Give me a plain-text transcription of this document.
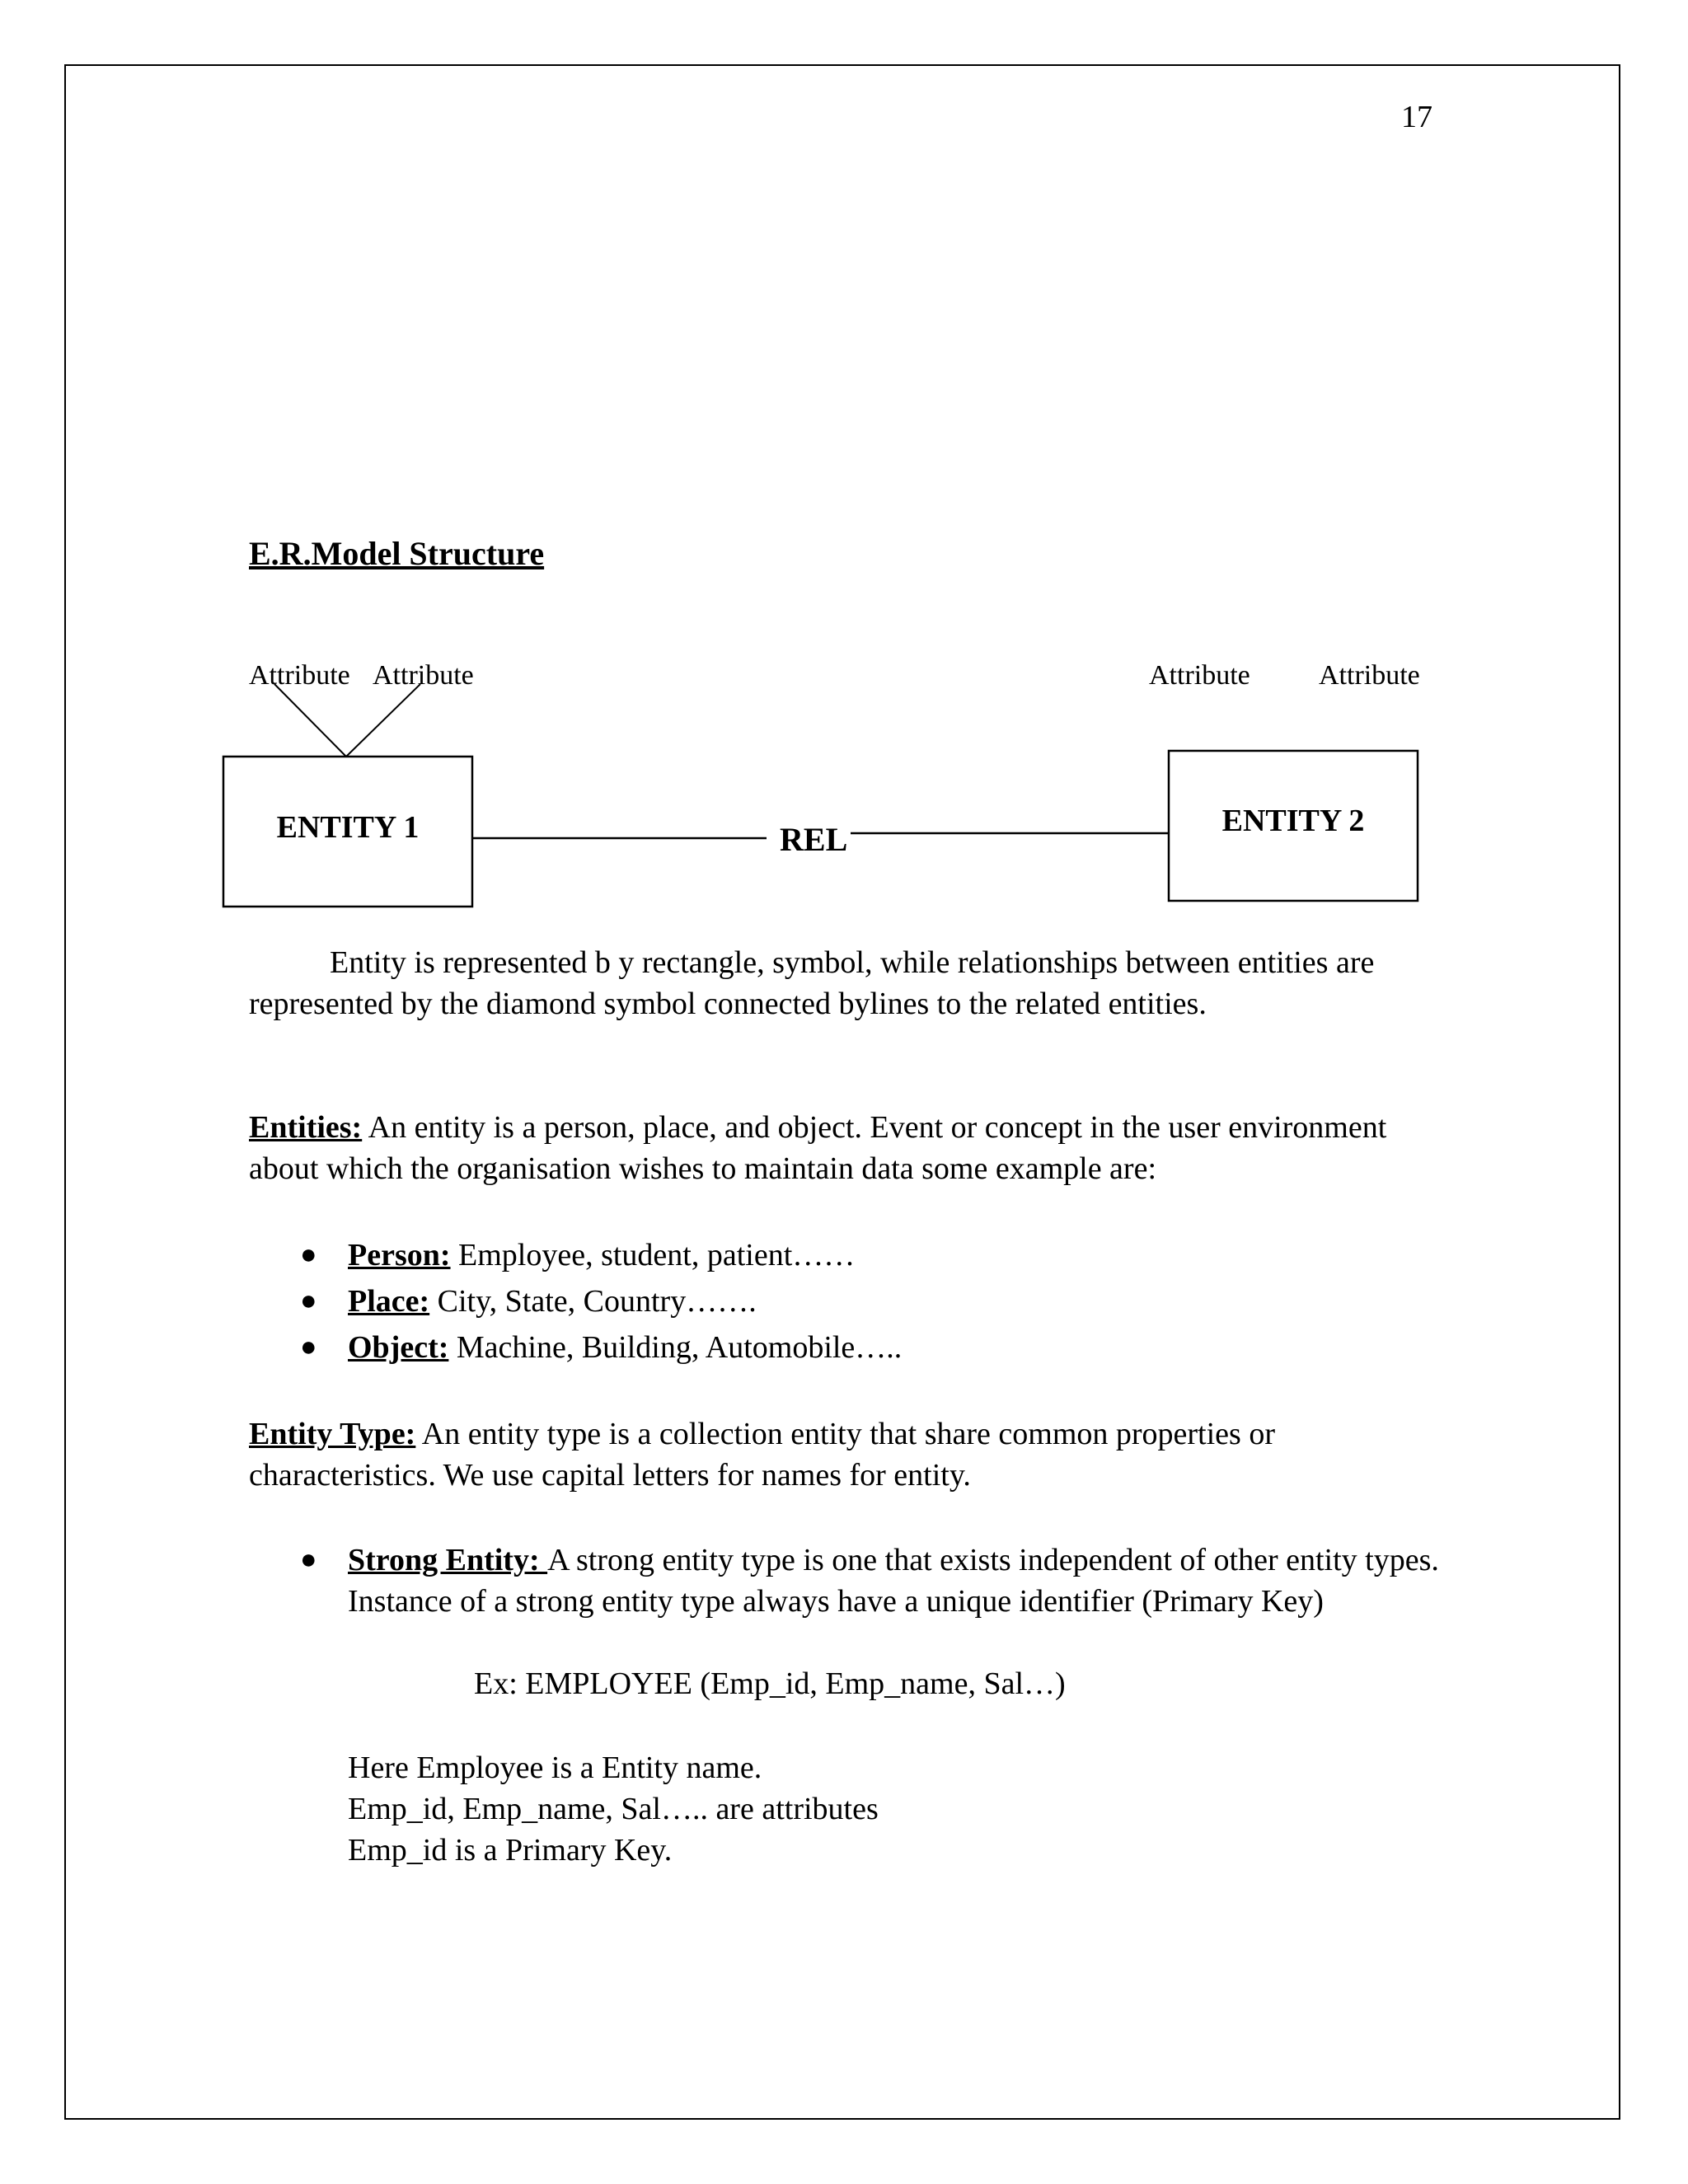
17
E.R.Model Structure
Attribute Attribute	Attribute Attribute
ENTITY 1	REL	ENTITY 2
Entity is represented b y rectangle, symbol, while relationships between entities are represented by the diamond symbol connected bylines to the related entities.
Entities: An entity is a person, place, and object. Event or concept in the user environment about which the organisation wishes to maintain data some example are:
● Person: Employee, student, patient……
● Place: City, State, Country…….
● Object: Machine, Building, Automobile…..
Entity Type: An entity type is a collection entity that share common properties or characteristics. We use capital letters for names for entity.
● Strong Entity: A strong entity type is one that exists independent of other entity types. Instance of a strong entity type always have a unique identifier (Primary Key)
Ex: EMPLOYEE (Emp_id, Emp_name, Sal…)
Here Employee is a Entity name.
Emp_id, Emp_name, Sal….. are attributes
Emp_id is a Primary Key.
